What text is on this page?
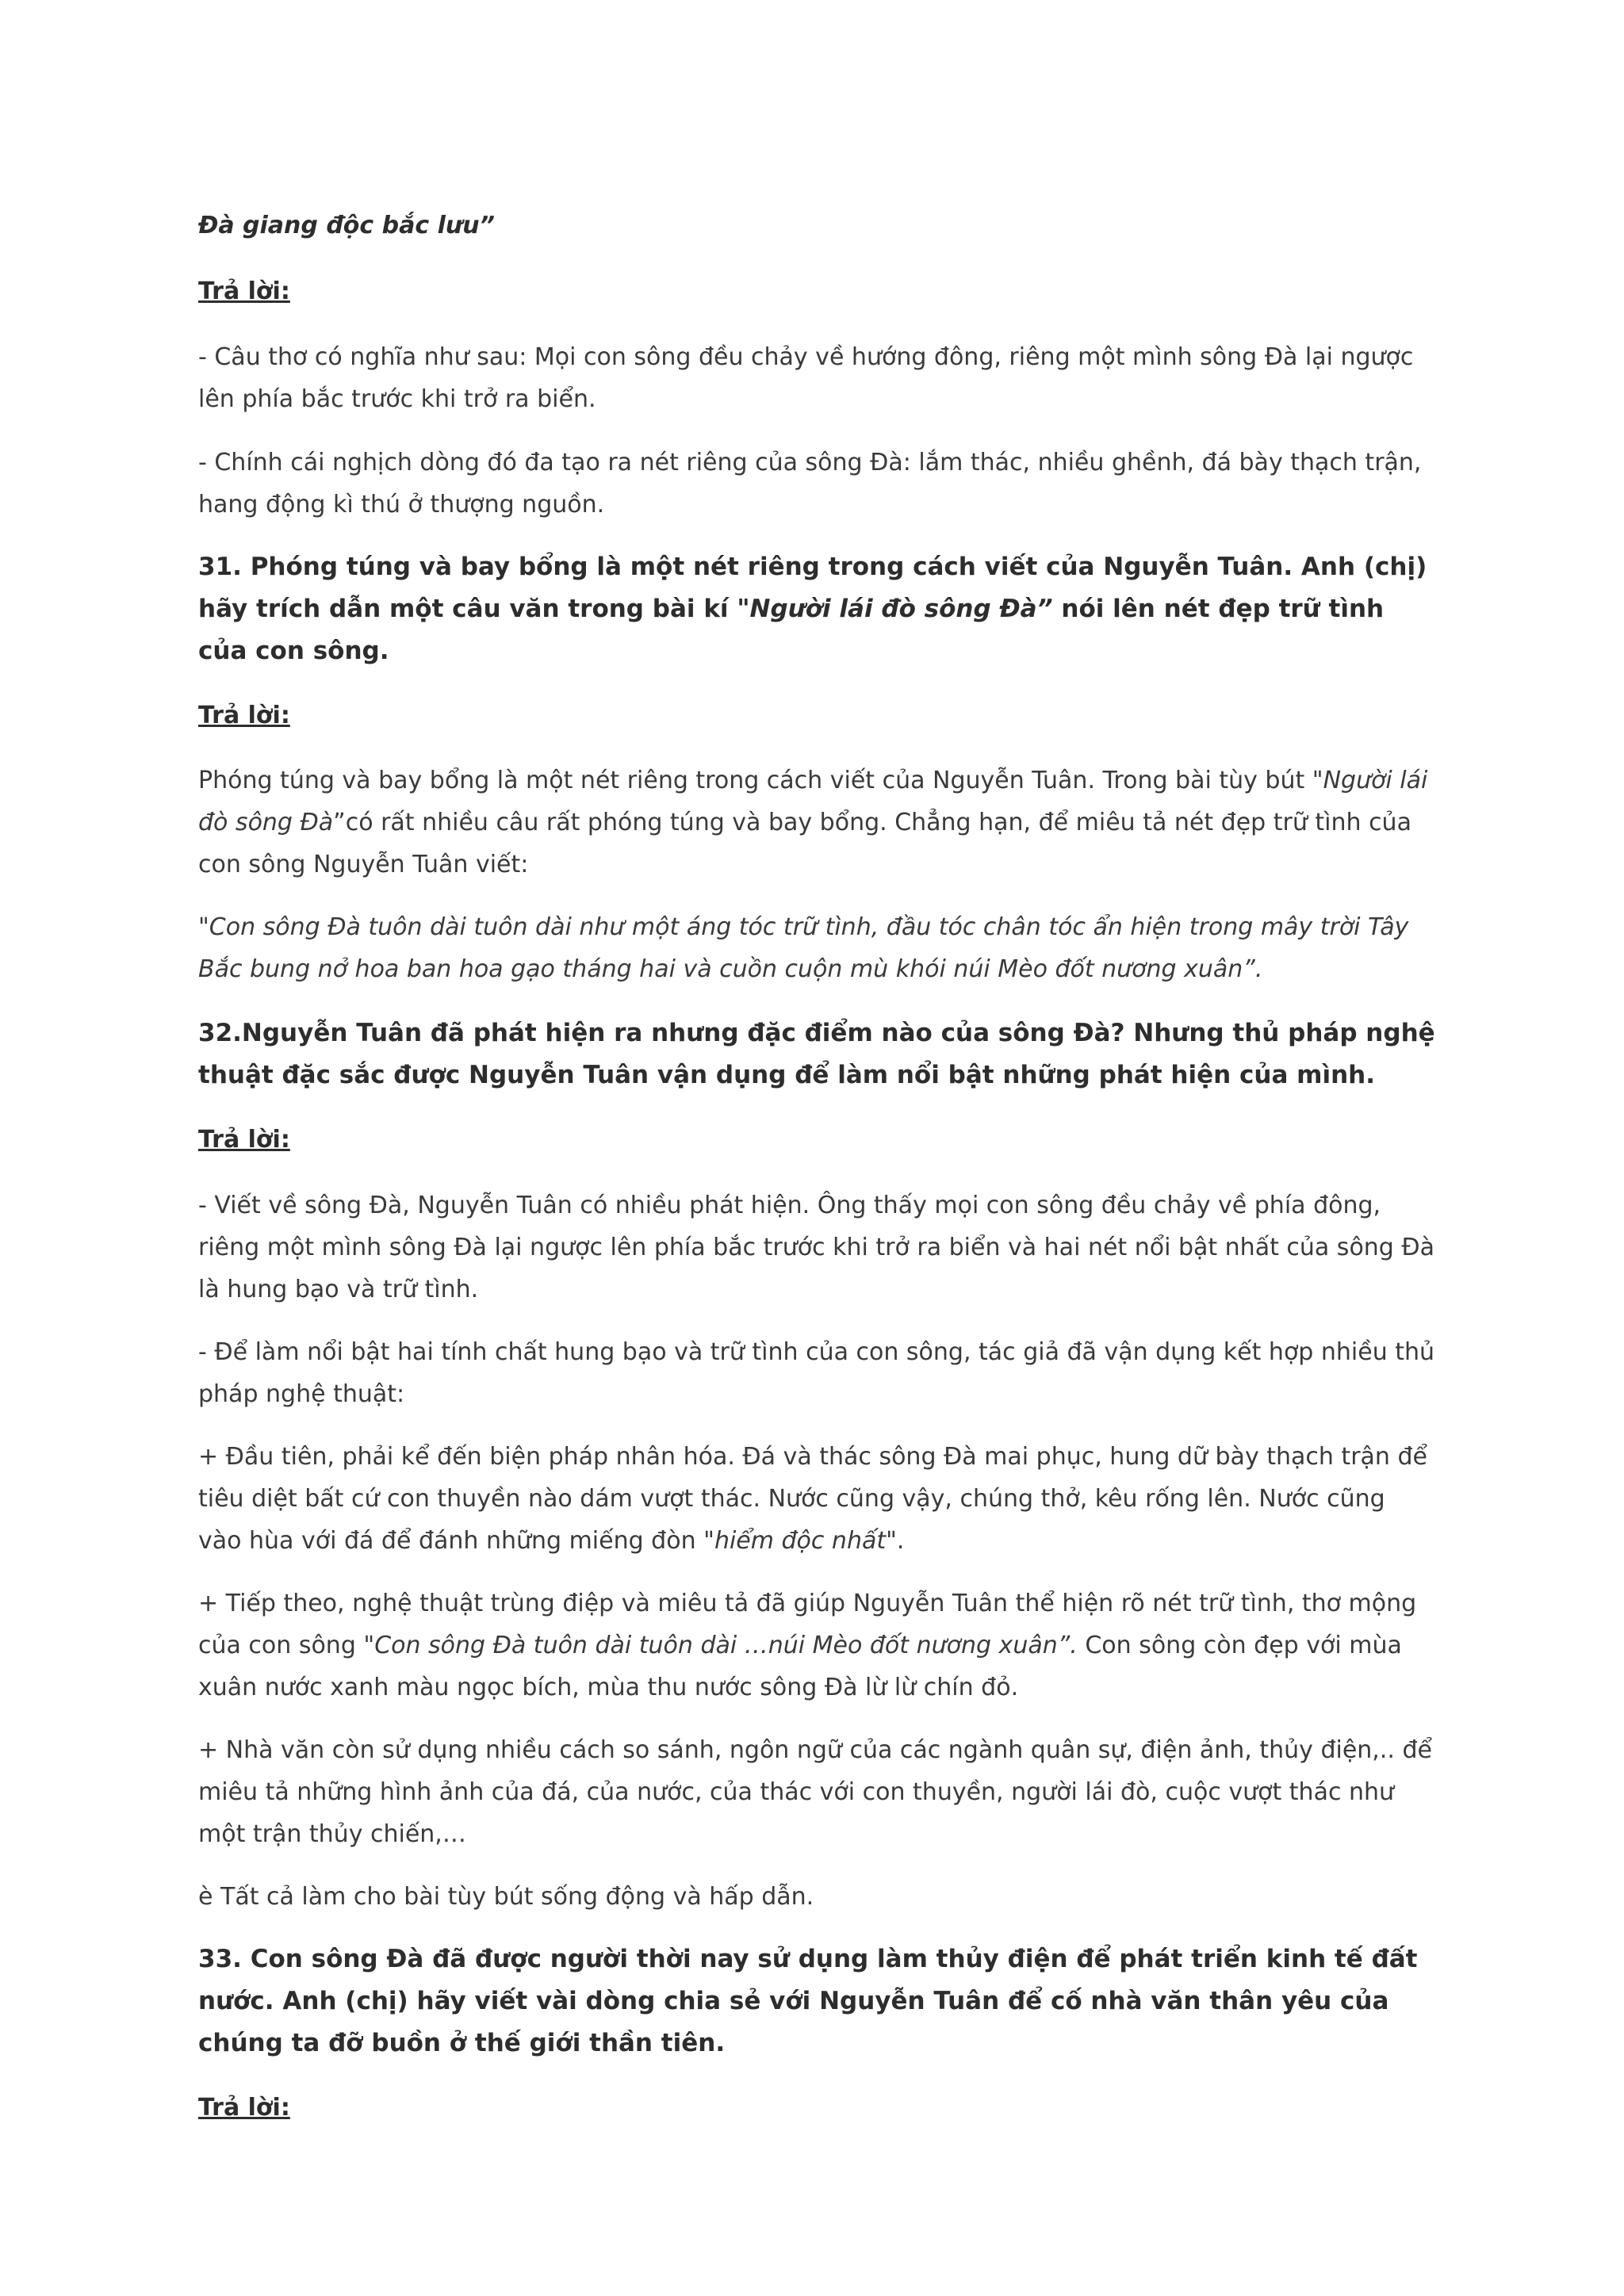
Đà giang độc bắc lưu”

Trả lời:

- Câu thơ có nghĩa như sau: Mọi con sông đều chảy về hướng đông, riêng một mình sông Đà lại ngược lên phía bắc trước khi trở ra biển.

- Chính cái nghịch dòng đó đa tạo ra nét riêng của sông Đà: lắm thác, nhiều ghềnh, đá bày thạch trận, hang động kì thú ở thượng nguồn.

31. Phóng túng và bay bổng là một nét riêng trong cách viết của Nguyễn Tuân. Anh (chị) hãy trích dẫn một câu văn trong bài kí "Người lái đò sông Đà” nói lên nét đẹp trữ tình của con sông.

Trả lời:

Phóng túng và bay bổng là một nét riêng trong cách viết của Nguyễn Tuân. Trong bài tùy bút "Người lái đò sông Đà”có rất nhiều câu rất phóng túng và bay bổng. Chẳng hạn, để miêu tả nét đẹp trữ tình của con sông Nguyễn Tuân viết:

"Con sông Đà tuôn dài tuôn dài như một áng tóc trữ tình, đầu tóc chân tóc ẩn hiện trong mây trời Tây Bắc bung nở hoa ban hoa gạo tháng hai và cuồn cuộn mù khói núi Mèo đốt nương xuân”.

32.Nguyễn Tuân đã phát hiện ra nhưng đặc điểm nào của sông Đà? Nhưng thủ pháp nghệ thuật đặc sắc được Nguyễn Tuân vận dụng để làm nổi bật những phát hiện của mình.

Trả lời:

- Viết về sông Đà, Nguyễn Tuân có nhiều phát hiện. Ông thấy mọi con sông đều chảy về phía đông, riêng một mình sông Đà lại ngược lên phía bắc trước khi trở ra biển và hai nét nổi bật nhất của sông Đà là hung bạo và trữ tình.

- Để làm nổi bật hai tính chất hung bạo và trữ tình của con sông, tác giả đã vận dụng kết hợp nhiều thủ pháp nghệ thuật:

+ Đầu tiên, phải kể đến biện pháp nhân hóa. Đá và thác sông Đà mai phục, hung dữ bày thạch trận để tiêu diệt bất cứ con thuyền nào dám vượt thác. Nước cũng vậy, chúng thở, kêu rống lên. Nước cũng vào hùa với đá để đánh những miếng đòn "hiểm độc nhất".

+ Tiếp theo, nghệ thuật trùng điệp và miêu tả đã giúp Nguyễn Tuân thể hiện rõ nét trữ tình, thơ mộng của con sông "Con sông Đà tuôn dài tuôn dài …núi Mèo đốt nương xuân”. Con sông còn đẹp với mùa xuân nước xanh màu ngọc bích, mùa thu nước sông Đà lừ lừ chín đỏ.

+ Nhà văn còn sử dụng nhiều cách so sánh, ngôn ngữ của các ngành quân sự, điện ảnh, thủy điện,.. để miêu tả những hình ảnh của đá, của nước, của thác với con thuyền, người lái đò, cuộc vượt thác như một trận thủy chiến,…

è Tất cả làm cho bài tùy bút sống động và hấp dẫn.

33. Con sông Đà đã được người thời nay sử dụng làm thủy điện để phát triển kinh tế đất nước. Anh (chị) hãy viết vài dòng chia sẻ với Nguyễn Tuân để cố nhà văn thân yêu của chúng ta đỡ buồn ở thế giới thần tiên.

Trả lời:
